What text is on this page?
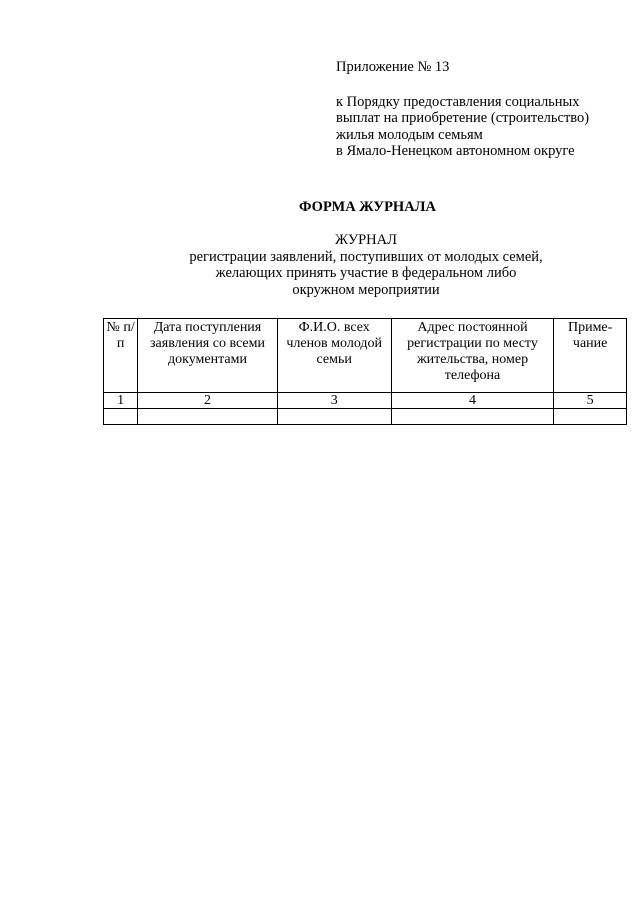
Приложение № 13

к Порядку предоставления социальных
выплат на приобретение (строительство)
жилья молодым семьям
в Ямало-Ненецком автономном округе
ФОРМА ЖУРНАЛА
ЖУРНАЛ
регистрации заявлений, поступивших от молодых семей,
желающих принять участие в федеральном либо
окружном мероприятии
№ п/п	Дата поступления заявления со всеми документами	Ф.И.О. всех членов молодой семьи	Адрес постоянной регистрации по месту жительства, номер телефона	Приме-чание
1	2	3	4	5
